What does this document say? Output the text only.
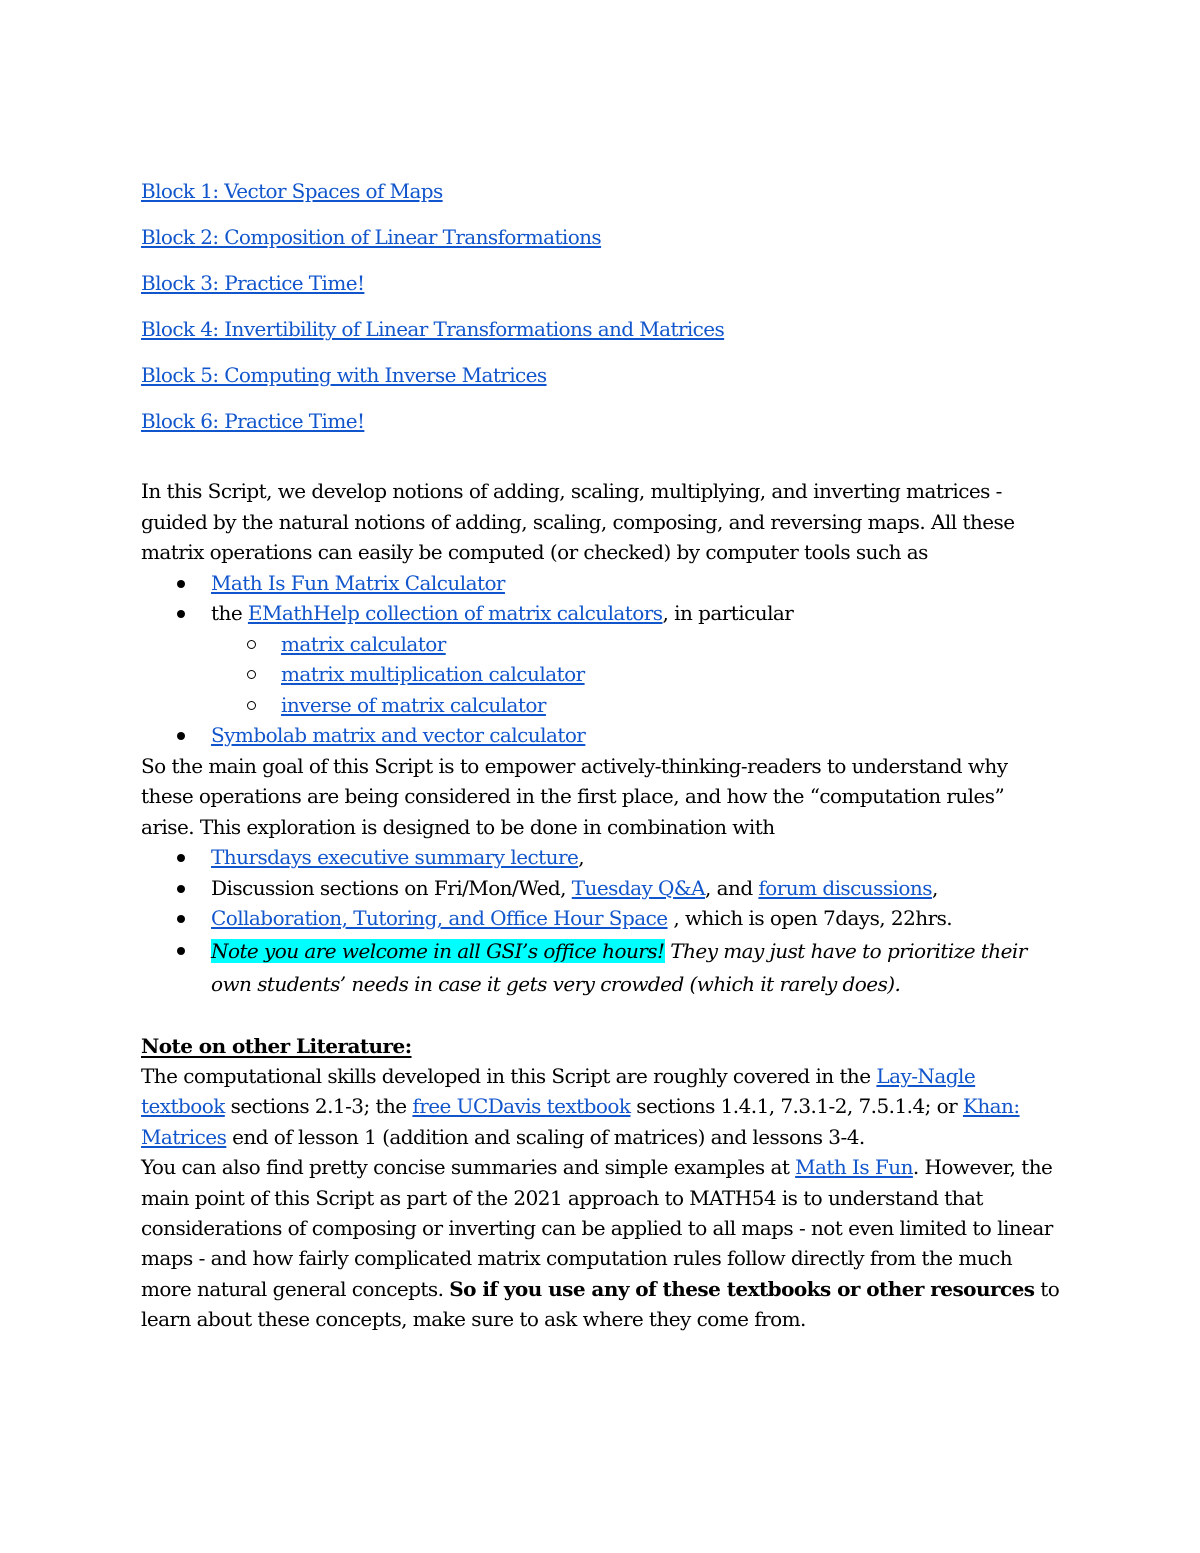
Block 1: Vector Spaces of Maps
Block 2: Composition of Linear Transformations
Block 3: Practice Time!
Block 4: Invertibility of Linear Transformations and Matrices
Block 5: Computing with Inverse Matrices
Block 6: Practice Time!

In this Script, we develop notions of adding, scaling, multiplying, and inverting matrices - guided by the natural notions of adding, scaling, composing, and reversing maps. All these matrix operations can easily be computed (or checked) by computer tools such as

Math Is Fun Matrix Calculator
the EMathHelp collection of matrix calculators, in particular
matrix calculator
matrix multiplication calculator
inverse of matrix calculator
Symbolab matrix and vector calculator

So the main goal of this Script is to empower actively-thinking-readers to understand why these operations are being considered in the first place, and how the “computation rules” arise. This exploration is designed to be done in combination with

Thursdays executive summary lecture,
Discussion sections on Fri/Mon/Wed, Tuesday Q&A, and forum discussions,
Collaboration, Tutoring, and Office Hour Space , which is open 7days, 22hrs.
Note you are welcome in all GSI’s office hours! They may just have to prioritize their own students’ needs in case it gets very crowded (which it rarely does).

Note on other Literature:

The computational skills developed in this Script are roughly covered in the Lay-Nagle textbook sections 2.1-3; the free UCDavis textbook sections 1.4.1, 7.3.1-2, 7.5.1.4; or Khan: Matrices end of lesson 1 (addition and scaling of matrices) and lessons 3-4.
You can also find pretty concise summaries and simple examples at Math Is Fun. However, the main point of this Script as part of the 2021 approach to MATH54 is to understand that considerations of composing or inverting can be applied to all maps - not even limited to linear maps - and how fairly complicated matrix computation rules follow directly from the much more natural general concepts. So if you use any of these textbooks or other resources to learn about these concepts, make sure to ask where they come from.
